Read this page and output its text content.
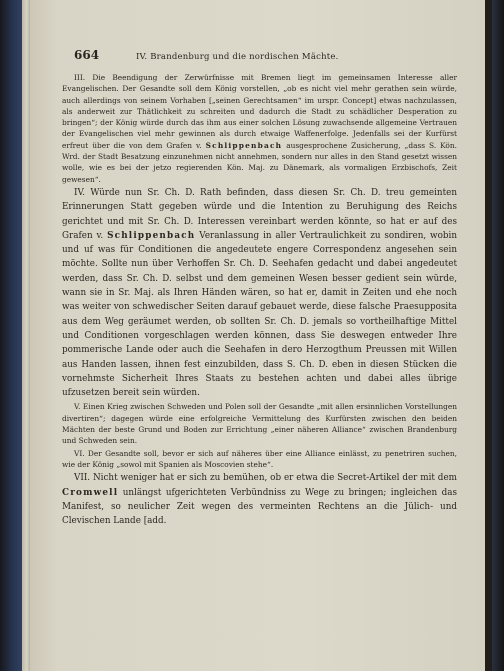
664	IV. Brandenburg und die nordischen Mächte.

III. Die Beendigung der Zerwürfnisse mit Bremen liegt im gemeinsamen Interesse aller Evangelischen. Der Gesandte soll dem König vorstellen, „ob es nicht viel mehr gerathen sein würde, auch allerdings von seinem Vorhaben [„seinen Gerechtsamen“ im urspr. Concept] etwas nachzulassen, als anderweit zur Thätlichkeit zu schreiten und dadurch die Stadt zu schädlicher Desperation zu bringen“; der König würde durch das ihm aus einer solchen Lösung zuwachsende allgemeine Vertrauen der Evangelischen viel mehr gewinnen als durch etwaige Waffenerfolge. Jedenfalls sei der Kurfürst erfreut über die von dem Grafen v. Schlippenbach ausgesprochene Zusicherung, „dass S. Kön. Wrd. der Stadt Besatzung einzunehmen nicht annehmen, sondern nur alles in den Stand gesetzt wissen wolle, wie es bei der jetzo regierenden Kön. Maj. zu Dänemark, als vormaligen Erzbischofs, Zeit gewesen“.

IV. Würde nun Sr. Ch. D. Rath befinden, dass diesen Sr. Ch. D. treu gemeinten Erinnerungen Statt gegeben würde und die Intention zu Beruhigung des Reichs gerichtet und mit Sr. Ch. D. Interessen vereinbart werden könnte, so hat er auf des Grafen v. Schlippenbach Veranlassung in aller Vertraulichkeit zu sondiren, wobin und uf was für Conditionen die angedeutete engere Correspondenz angesehen sein möchte. Sollte nun über Verhoffen Sr. Ch. D. Seehafen gedacht und dabei angedeutet werden, dass Sr. Ch. D. selbst und dem gemeinen Wesen besser gedient sein würde, wann sie in Sr. Maj. als Ihren Händen wären, so hat er, damit in Zeiten und ehe noch was weiter von schwedischer Seiten darauf gebauet werde, diese falsche Praesupposita aus dem Weg geräumet werden, ob sollten Sr. Ch. D. jemals so vortheilhaftige Mittel und Conditionen vorgeschlagen werden können, dass Sie deswegen entweder Ihre pommerische Lande oder auch die Seehafen in dero Herzogthum Preussen mit Willen aus Handen lassen, ihnen fest einzubilden, dass S. Ch. D. eben in diesen Stücken die vornehmste Sicherheit Ihres Staats zu bestehen achten und dabei alles übrige ufzusetzen bereit sein würden.

V. Einen Krieg zwischen Schweden und Polen soll der Gesandte „mit allen ersinnlichen Vorstellungen divertiren“; dagegen würde eine erfolgreiche Vermittelung des Kurfürsten zwischen den beiden Mächten der beste Grund und Boden zur Errichtung „einer näheren Alliance“ zwischen Brandenburg und Schweden sein.

VI. Der Gesandte soll, bevor er sich auf näheres über eine Alliance einlässt, zu penetriren suchen, wie der König „sowol mit Spanien als Moscovien stehe“.

VII. Nicht weniger hat er sich zu bemühen, ob er etwa die Secret-Artikel der mit dem Cromwell unlängst ufgerichteten Verbündniss zu Wege zu bringen; ingleichen das Manifest, so neulicher Zeit wegen des vermeinten Rechtens an die Jülich- und Clevischen Lande [add.
